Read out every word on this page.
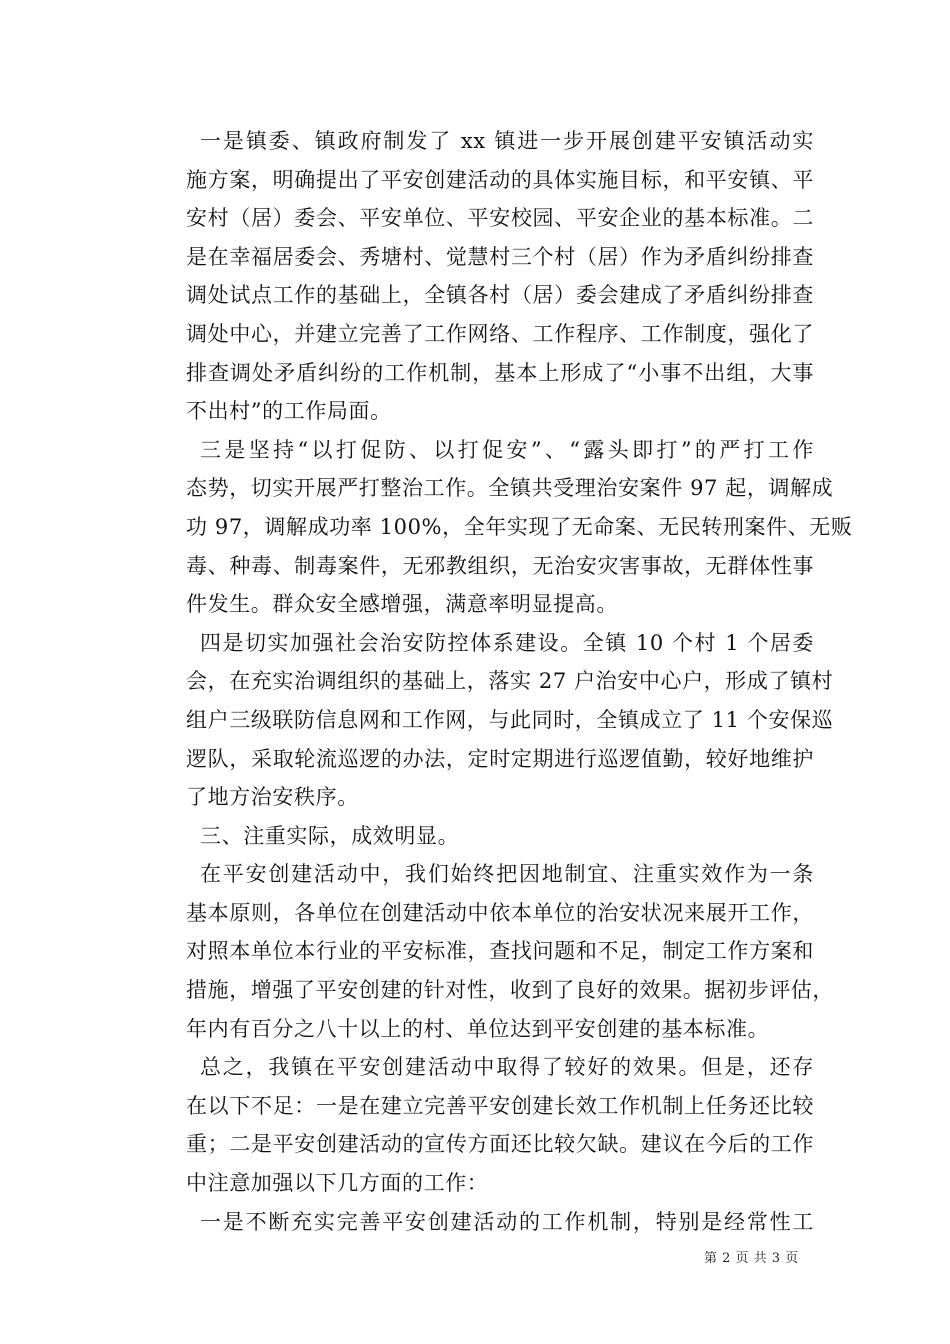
一是镇委、镇政府制发了 xx 镇进一步开展创建平安镇活动实
施方案，明确提出了平安创建活动的具体实施目标，和平安镇、平
安村（居）委会、平安单位、平安校园、平安企业的基本标准。二
是在幸福居委会、秀塘村、觉慧村三个村（居）作为矛盾纠纷排查
调处试点工作的基础上，全镇各村（居）委会建成了矛盾纠纷排查
调处中心，并建立完善了工作网络、工作程序、工作制度，强化了
排查调处矛盾纠纷的工作机制，基本上形成了“小事不出组，大事
不出村”的工作局面。

三是坚持“以打促防、以打促安”、“露头即打”的严打工作
态势，切实开展严打整治工作。全镇共受理治安案件 97 起，调解成
功 97，调解成功率 100%，全年实现了无命案、无民转刑案件、无贩
毒、种毒、制毒案件，无邪教组织，无治安灾害事故，无群体性事
件发生。群众安全感增强，满意率明显提高。

四是切实加强社会治安防控体系建设。全镇 10 个村 1 个居委
会，在充实治调组织的基础上，落实 27 户治安中心户，形成了镇村
组户三级联防信息网和工作网，与此同时，全镇成立了 11 个安保巡
逻队，采取轮流巡逻的办法，定时定期进行巡逻值勤，较好地维护
了地方治安秩序。

三、注重实际，成效明显。

在平安创建活动中，我们始终把因地制宜、注重实效作为一条
基本原则，各单位在创建活动中依本单位的治安状况来展开工作，
对照本单位本行业的平安标准，查找问题和不足，制定工作方案和
措施，增强了平安创建的针对性，收到了良好的效果。据初步评估，
年内有百分之八十以上的村、单位达到平安创建的基本标准。

总之，我镇在平安创建活动中取得了较好的效果。但是，还存
在以下不足：一是在建立完善平安创建长效工作机制上任务还比较
重；二是平安创建活动的宣传方面还比较欠缺。建议在今后的工作
中注意加强以下几方面的工作：

一是不断充实完善平安创建活动的工作机制，特别是经常性工

第 2 页 共 3 页
